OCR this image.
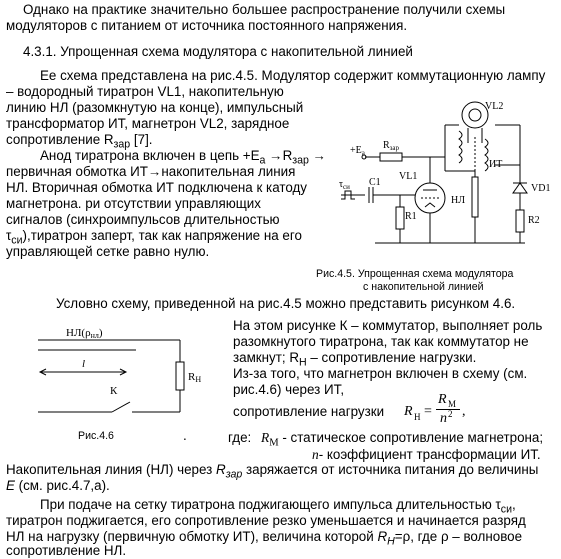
Однако на практике значительно большее распространение получили схемы
модуляторов с питанием от источника постоянного напряжения.
4.3.1. Упрощенная схема модулятора с накопительной линией
Ее схема представлена на рис.4.5. Модулятор содержит коммутационную лампу
– водородный тиратрон VL1, накопительную
линию НЛ (разомкнутую на конце), импульсный
трансформатор ИТ, магнетрон VL2, зарядное
сопротивление $R_{зар}$ [7].
Анод тиратрона включен в цепь $+E_а \to R_{зар}$ →
первичная обмотка ИТ→накопительная линия
НЛ. Вторичная обмотка ИТ подключена к катоду
магнетрона. ри отсутствии управляющих
сигналов (синхроимпульсов длительностью
$\tau_{си}),тиратрон$ заперт, так как напряжение на его
управляющей сетке равно нулю.
VL2
$+E_a$
$R_{зар}$
ИТ
$\tau_{си}$ C1
VL1
НЛ
VD1
R1	R2
Рис.4.5. Упрощенная схема модулятора
с накопительной линией
Условно схему, приведенной на рис.4.5 можно представить рисунком 4.6.
НЛ(ρнл)
l
RН
К
На этом рисунке К – коммутатор, выполняет роль
разомкнутого тиратрона, так как коммутатор не
замкнут; $R_Н$ – сопротивление нагрузки.
Из-за того, что магнетрон включен в схему (см.
рис.4.6) через ИТ,
сопротивление нагрузки R Н =
R M
n 2 ,
Рис.4.6	.	где: $R_M$ - статическое сопротивление магнетрона;
n- коэффициент трансформации ИТ.
Накопительная линия (НЛ) через $R_{зар}$ заряжается от источника питания до величины
E (см. рис.4.7,а).
При подаче на сетку тиратрона поджигающего импульса длительностью $\tau_{си}$,
тиратрон поджигается, его сопротивление резко уменьшается и начинается разряд
НЛ на нагрузку (первичную обмотку ИТ), величина которой $R_Н=\rho$, где ρ – волновое
сопротивление НЛ.
